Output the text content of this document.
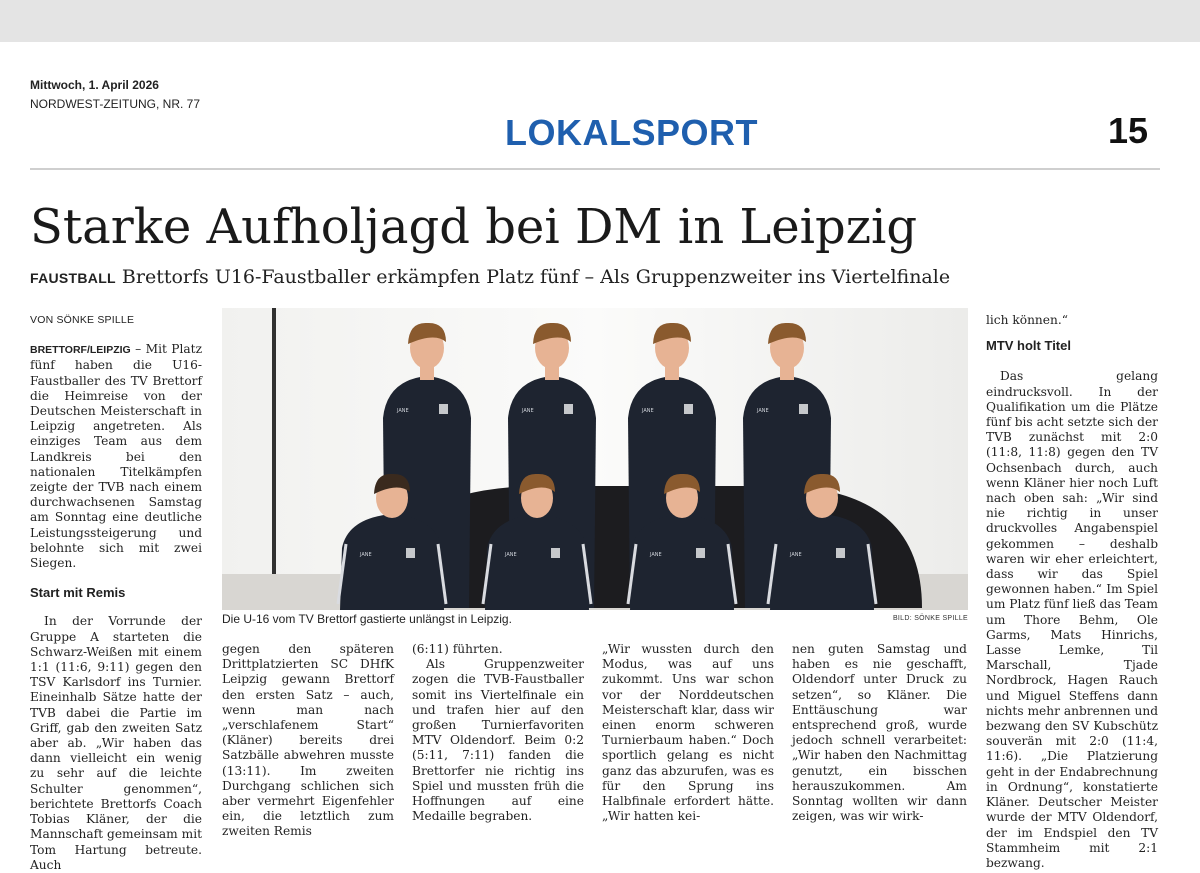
Mittwoch, 1. April 2026
NORDWEST-ZEITUNG, NR. 77
LOKALSPORT	15
Starke Aufholjagd bei DM in Leipzig
FAUSTBALL Brettorfs U16-Faustballer erkämpfen Platz fünf – Als Gruppenzweiter ins Viertelfinale
VON SÖNKE SPILLE

BRETTORF/LEIPZIG – Mit Platz fünf haben die U16-Faustballer des TV Brettorf die Heimreise von der Deutschen Meisterschaft in Leipzig angetreten. Als einziges Team aus dem Landkreis bei den nationalen Titelkämpfen zeigte der TVB nach einem durchwachsenen Samstag am Sonntag eine deutliche Leistungssteigerung und belohnte sich mit zwei Siegen.

Start mit Remis

In der Vorrunde der Gruppe A starteten die Schwarz-Weißen mit einem 1:1 (11:6, 9:11) gegen den TSV Karlsdorf ins Turnier. Eineinhalb Sätze hatte der TVB dabei die Partie im Griff, gab den zweiten Satz aber ab. „Wir haben das dann vielleicht ein wenig zu sehr auf die leichte Schulter genommen“, berichtete Brettorfs Coach Tobias Kläner, der die Mannschaft gemeinsam mit Tom Hartung betreute. Auch

JANE	JANE	JANE	JANE
JANE	JANE	JANE	JANE
Die U-16 vom TV Brettorf gastierte unlängst in Leipzig.	BILD: SÖNKE SPILLE

gegen den späteren Drittplatzierten SC DHfK Leipzig gewann Brettorf den ersten Satz – auch, wenn man nach „verschlafenem Start“ (Kläner) bereits drei Satzbälle abwehren musste (13:11). Im zweiten Durchgang schlichen sich aber vermehrt Eigenfehler ein, die letztlich zum zweiten Remis

(6:11) führten.

Als Gruppenzweiter zogen die TVB-Faustballer somit ins Viertelfinale ein und trafen hier auf den großen Turnierfavoriten MTV Oldendorf. Beim 0:2 (5:11, 7:11) fanden die Brettorfer nie richtig ins Spiel und mussten früh die Hoffnungen auf eine Medaille begraben.

„Wir wussten durch den Modus, was auf uns zukommt. Uns war schon vor der Norddeutschen Meisterschaft klar, dass wir einen enorm schweren Turnierbaum haben.“ Doch sportlich gelang es nicht ganz das abzurufen, was es für den Sprung ins Halbfinale erfordert hätte. „Wir hatten kei-

nen guten Samstag und haben es nie geschafft, Oldendorf unter Druck zu setzen“, so Kläner. Die Enttäuschung war entsprechend groß, wurde jedoch schnell verarbeitet: „Wir haben den Nachmittag genutzt, ein bisschen herauszukommen. Am Sonntag wollten wir dann zeigen, was wir wirk-

lich können.“

MTV holt Titel

Das gelang eindrucksvoll. In der Qualifikation um die Plätze fünf bis acht setzte sich der TVB zunächst mit 2:0 (11:8, 11:8) gegen den TV Ochsenbach durch, auch wenn Kläner hier noch Luft nach oben sah: „Wir sind nie richtig in unser druckvolles Angabenspiel gekommen – deshalb waren wir eher erleichtert, dass wir das Spiel gewonnen haben.“ Im Spiel um Platz fünf ließ das Team um Thore Behm, Ole Garms, Mats Hinrichs, Lasse Lemke, Til Marschall, Tjade Nordbrock, Hagen Rauch und Miguel Steffens dann nichts mehr anbrennen und bezwang den SV Kubschütz souverän mit 2:0 (11:4, 11:6). „Die Platzierung geht in der Endabrechnung in Ordnung“, konstatierte Kläner. Deutscher Meister wurde der MTV Oldendorf, der im Endspiel den TV Stammheim mit 2:1 bezwang.
